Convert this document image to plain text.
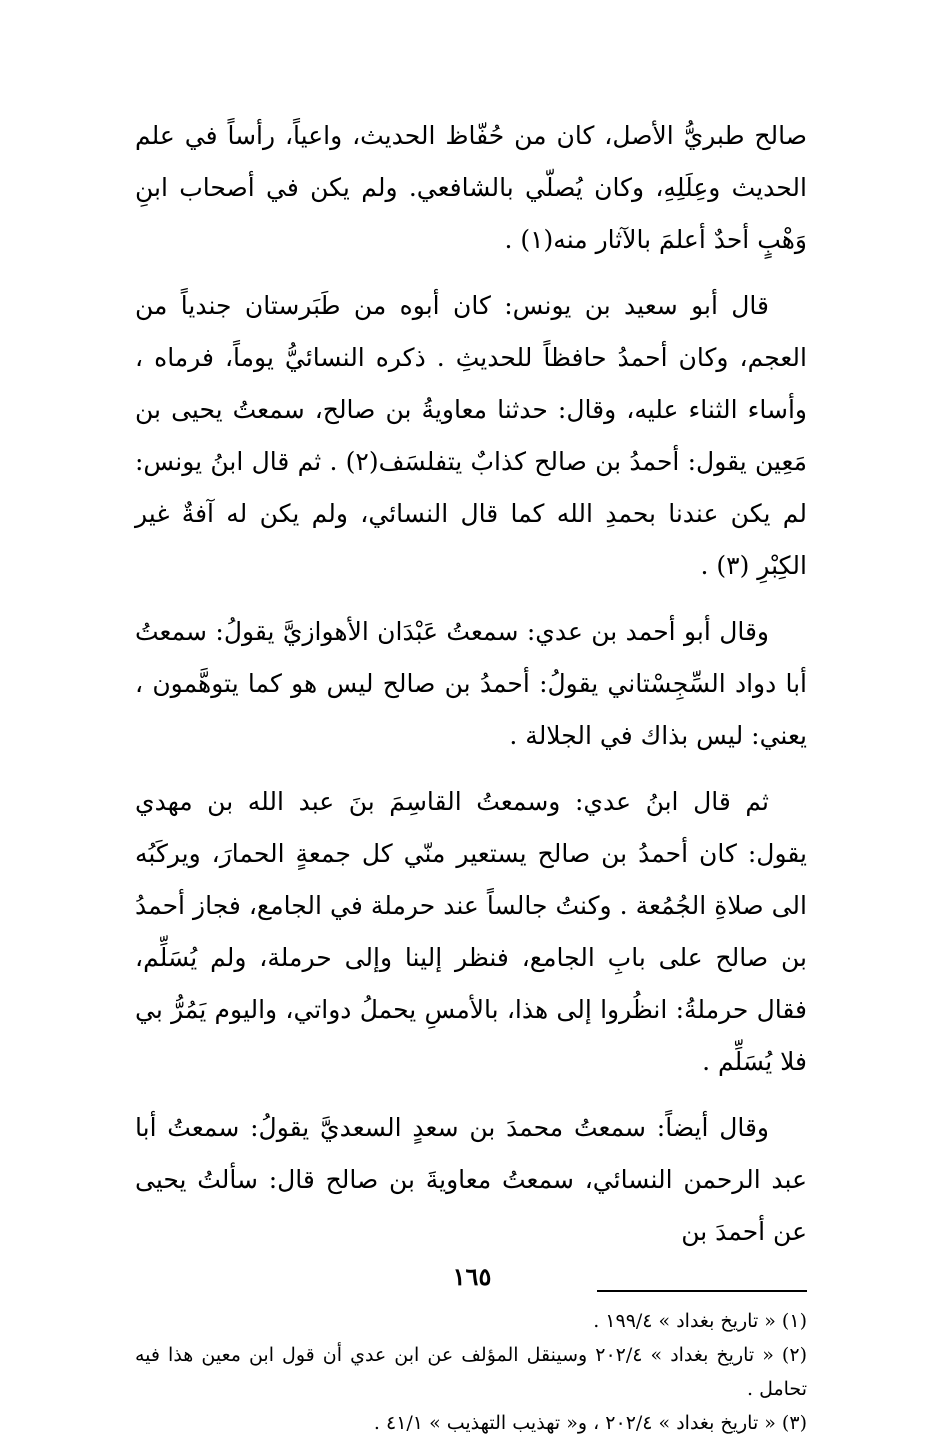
صالح طبريُّ الأصل، كان من حُفّاظ الحديث، واعياً، رأساً في علم الحديث وعِلَلِهِ، وكان يُصلّي بالشافعي. ولم يكن في أصحاب ابنِ وَهْبٍ أحدٌ أعلمَ بالآثار منه(١) .

قال أبو سعيد بن يونس: كان أبوه من طَبَرستان جندياً من العجم، وكان أحمدُ حافظاً للحديثِ . ذكره النسائيُّ يوماً، فرماه ، وأساء الثناء عليه، وقال: حدثنا معاويةُ بن صالح، سمعتُ يحيى بن مَعِين يقول: أحمدُ بن صالح كذابٌ يتفلسَف(٢) . ثم قال ابنُ يونس: لم يكن عندنا بحمدِ الله كما قال النسائي، ولم يكن له آفةٌ غير الكِبْرِ (٣) .

وقال أبو أحمد بن عدي: سمعتُ عَبْدَان الأهوازيَّ يقولُ: سمعتُ أبا دواد السِّجِسْتاني يقولُ: أحمدُ بن صالح ليس هو كما يتوهَّمون ، يعني: ليس بذاك في الجلالة .

ثم قال ابنُ عدي: وسمعتُ القاسِمَ بنَ عبد الله بن مهدي يقول: كان أحمدُ بن صالح يستعير منّي كل جمعةٍ الحمارَ، ويركَبُه الى صلاةِ الجُمُعة . وكنتُ جالساً عند حرملة في الجامع، فجاز أحمدُ بن صالح على بابِ الجامع، فنظر إلينا وإلى حرملة، ولم يُسَلِّم، فقال حرملةُ: انظُروا إلى هذا، بالأمسِ يحملُ دواتي، واليوم يَمُرُّ بي فلا يُسَلِّم .

وقال أيضاً: سمعتُ محمدَ بن سعدٍ السعديَّ يقولُ: سمعتُ أبا عبد الرحمن النسائي، سمعتُ معاويةَ بن صالح قال: سألتُ يحيى عن أحمدَ بن

(١) « تاريخ بغداد » ١٩٩/٤ .

(٢) « تاريخ بغداد » ٢٠٢/٤ وسينقل المؤلف عن ابن عدي أن قول ابن معين هذا فيه تحامل .

(٣) « تاريخ بغداد » ٢٠٢/٤ ، و« تهذيب التهذيب » ٤١/١ .

١٦٥
